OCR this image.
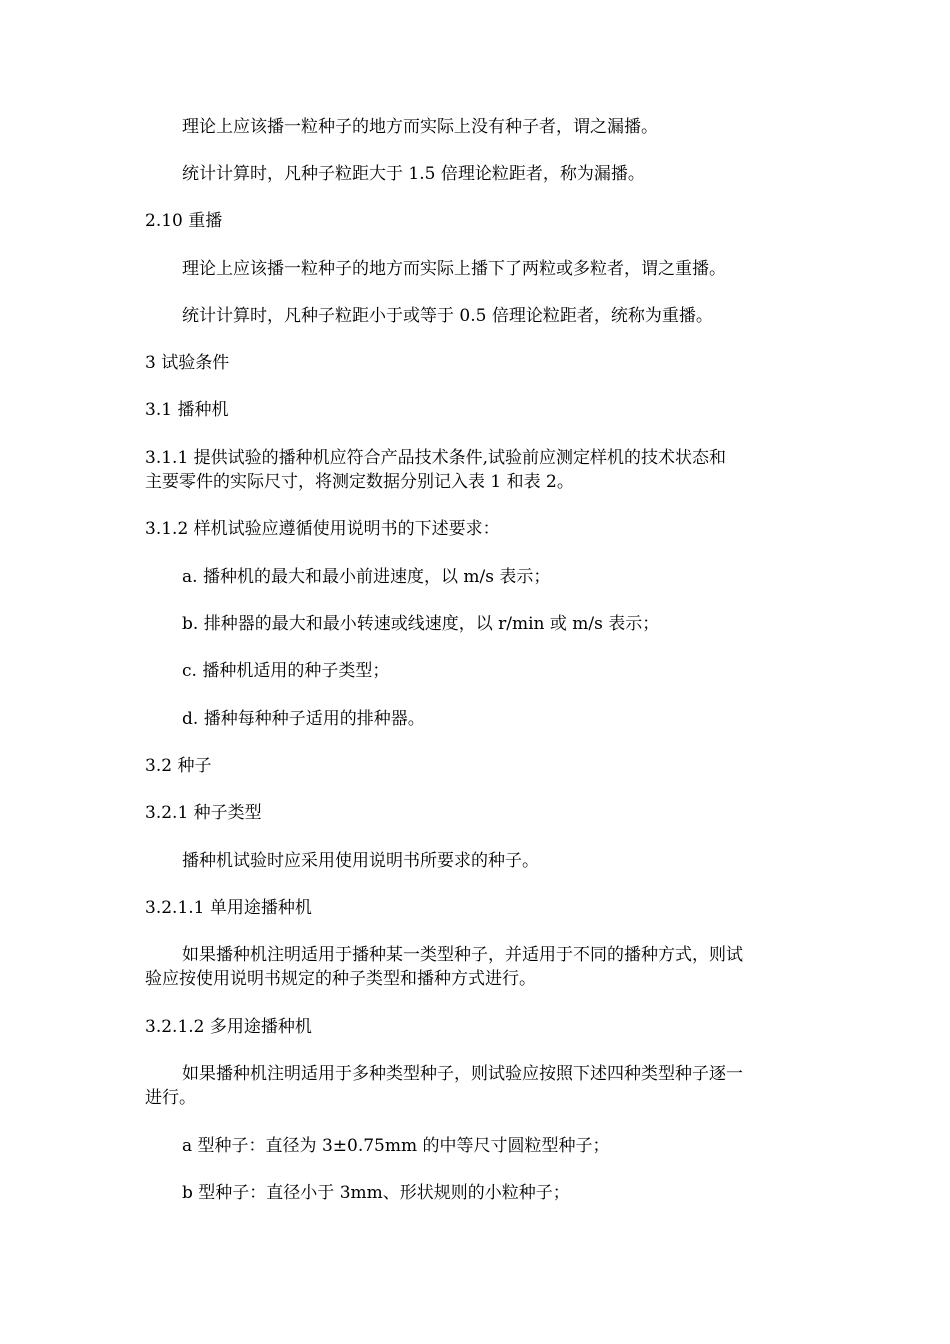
理论上应该播一粒种子的地方而实际上没有种子者，谓之漏播。

统计计算时，凡种子粒距大于 1.5 倍理论粒距者，称为漏播。

2.10 重播

理论上应该播一粒种子的地方而实际上播下了两粒或多粒者，谓之重播。

统计计算时，凡种子粒距小于或等于 0.5 倍理论粒距者，统称为重播。

3 试验条件

3.1 播种机

3.1.1 提供试验的播种机应符合产品技术条件,试验前应测定样机的技术状态和

主要零件的实际尺寸，将测定数据分别记入表 1 和表 2。

3.1.2 样机试验应遵循使用说明书的下述要求：

a. 播种机的最大和最小前进速度，以 m/s 表示；

b. 排种器的最大和最小转速或线速度，以 r/min 或 m/s 表示；

c. 播种机适用的种子类型；

d. 播种每种种子适用的排种器。

3.2 种子

3.2.1 种子类型

播种机试验时应采用使用说明书所要求的种子。

3.2.1.1 单用途播种机

如果播种机注明适用于播种某一类型种子，并适用于不同的播种方式，则试

验应按使用说明书规定的种子类型和播种方式进行。

3.2.1.2 多用途播种机

如果播种机注明适用于多种类型种子，则试验应按照下述四种类型种子逐一

进行。

a 型种子：直径为 3±0.75mm 的中等尺寸圆粒型种子；

b 型种子：直径小于 3mm、形状规则的小粒种子；
